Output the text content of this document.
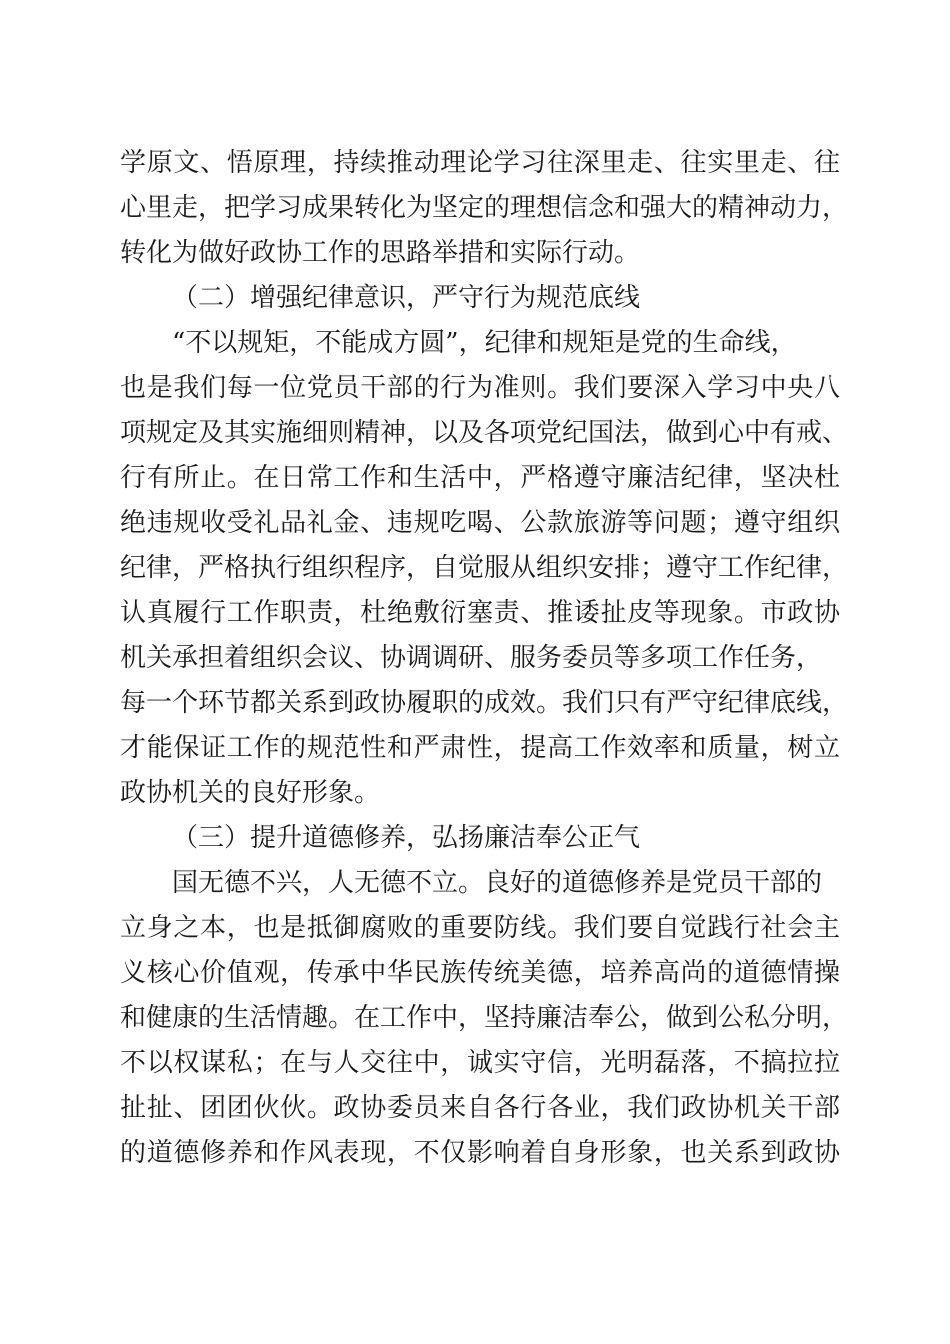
学原文、悟原理，持续推动理论学习往深里走、往实里走、往
心里走，把学习成果转化为坚定的理想信念和强大的精神动力，
转化为做好政协工作的思路举措和实际行动。
（二）增强纪律意识，严守行为规范底线
“不以规矩，不能成方圆”，纪律和规矩是党的生命线，
也是我们每一位党员干部的行为准则。我们要深入学习中央八
项规定及其实施细则精神，以及各项党纪国法，做到心中有戒、
行有所止。在日常工作和生活中，严格遵守廉洁纪律，坚决杜
绝违规收受礼品礼金、违规吃喝、公款旅游等问题；遵守组织
纪律，严格执行组织程序，自觉服从组织安排；遵守工作纪律，
认真履行工作职责，杜绝敷衍塞责、推诿扯皮等现象。市政协
机关承担着组织会议、协调调研、服务委员等多项工作任务，
每一个环节都关系到政协履职的成效。我们只有严守纪律底线，
才能保证工作的规范性和严肃性，提高工作效率和质量，树立
政协机关的良好形象。
（三）提升道德修养，弘扬廉洁奉公正气
国无德不兴，人无德不立。良好的道德修养是党员干部的
立身之本，也是抵御腐败的重要防线。我们要自觉践行社会主
义核心价值观，传承中华民族传统美德，培养高尚的道德情操
和健康的生活情趣。在工作中，坚持廉洁奉公，做到公私分明，
不以权谋私；在与人交往中，诚实守信，光明磊落，不搞拉拉
扯扯、团团伙伙。政协委员来自各行各业，我们政协机关干部
的道德修养和作风表现，不仅影响着自身形象，也关系到政协
